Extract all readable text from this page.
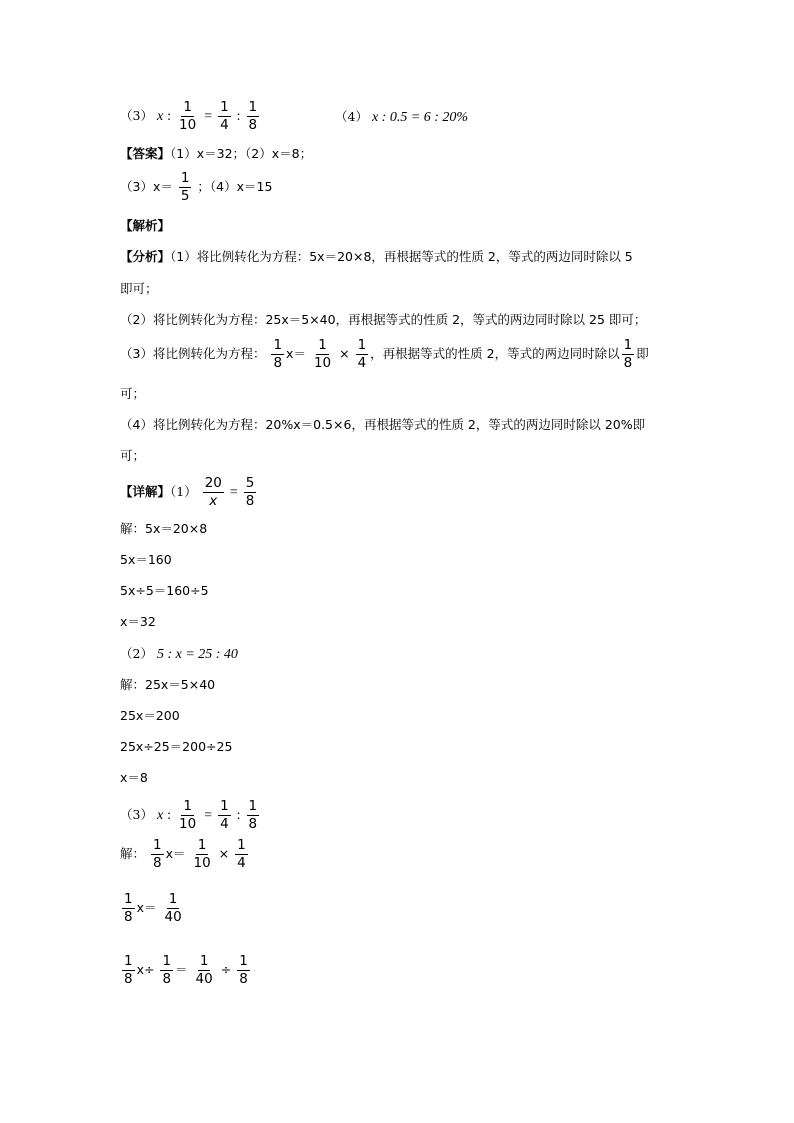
（3） x : $\frac{1}{10} = \frac{1}{4}$ : $\frac{1}{8}$	（4） x : 0.5 = 6 : 20%
【答案】（1）x＝32；（2）x＝8；
$(3)x= \frac{1}{5}$ ；（4）x＝15
【解析】
【分析】（1）将比例转化为方程：5x＝20×8，再根据等式的性质 2，等式的两边同时除以 5
即可；
（2）将比例转化为方程：25x＝5×40，再根据等式的性质 2，等式的两边同时除以 25 即可；
（3）将比例转化为方程： $\frac{1}{8} x= \frac{1}{10} \times \frac{1}{4}$ ，再根据等式的性质 2，等式的两边同时除以 $\frac{1}{8}$ 即
可；
（4）将比例转化为方程：20%x＝0.5×6，再根据等式的性质 2，等式的两边同时除以 20%即
可；
【详解】$(1) \frac{20}{x} = \frac{5}{8}$
解：5x＝20×8
5x＝160
5x÷5＝160÷5
x＝32
（2） 5 : x = 25 : 40
解：25x＝5×40
25x＝200
25x÷25＝200÷25
x＝8
（3） x : $\frac{1}{10} = \frac{1}{4}$ : $\frac{1}{8}$
解： $\frac{1}{8} x= \frac{1}{10} \times \frac{1}{4}$
$\frac{1}{8} x= \frac{1}{40}$
$\frac{1}{8} x\div \frac{1}{8} = \frac{1}{40} \div \frac{1}{8}$
